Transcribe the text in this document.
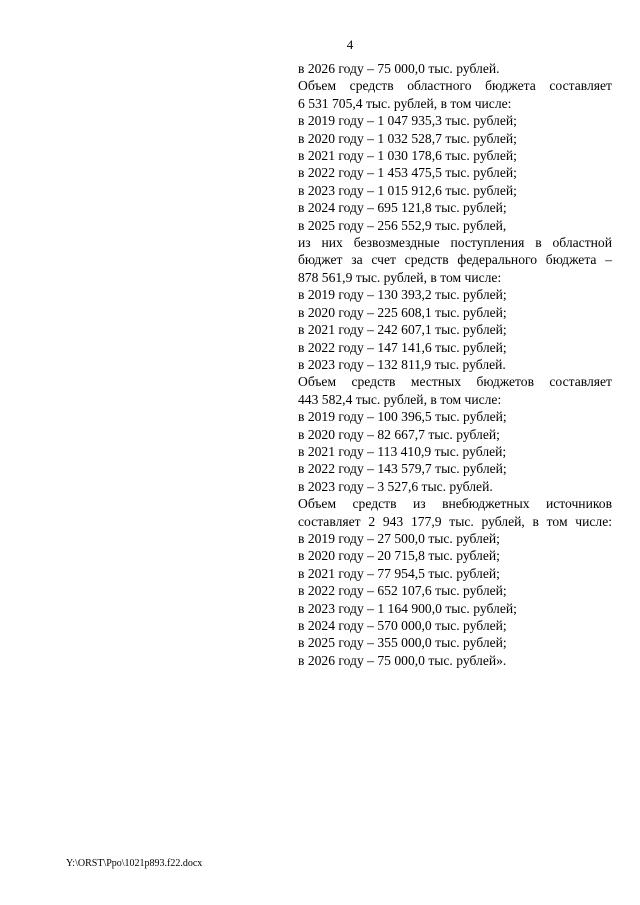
4
в 2026 году – 75 000,0 тыс. рублей.
Объем средств областного бюджета составляет
6 531 705,4 тыс. рублей, в том числе:
в 2019 году – 1 047 935,3 тыс. рублей;
в 2020 году – 1 032 528,7 тыс. рублей;
в 2021 году – 1 030 178,6 тыс. рублей;
в 2022 году – 1 453 475,5 тыс. рублей;
в 2023 году – 1 015 912,6 тыс. рублей;
в 2024 году – 695 121,8 тыс. рублей;
в 2025 году – 256 552,9 тыс. рублей,
из них безвозмездные поступления в областной
бюджет за счет средств федерального бюджета –
878 561,9 тыс. рублей, в том числе:
в 2019 году – 130 393,2 тыс. рублей;
в 2020 году – 225 608,1 тыс. рублей;
в 2021 году – 242 607,1 тыс. рублей;
в 2022 году – 147 141,6 тыс. рублей;
в 2023 году – 132 811,9 тыс. рублей.
Объем средств местных бюджетов составляет
443 582,4 тыс. рублей, в том числе:
в 2019 году – 100 396,5 тыс. рублей;
в 2020 году – 82 667,7 тыс. рублей;
в 2021 году – 113 410,9 тыс. рублей;
в 2022 году – 143 579,7 тыс. рублей;
в 2023 году – 3 527,6 тыс. рублей.
Объем средств из внебюджетных источников
составляет 2 943 177,9 тыс. рублей, в том числе:
в 2019 году – 27 500,0 тыс. рублей;
в 2020 году – 20 715,8 тыс. рублей;
в 2021 году – 77 954,5 тыс. рублей;
в 2022 году – 652 107,6 тыс. рублей;
в 2023 году – 1 164 900,0 тыс. рублей;
в 2024 году – 570 000,0 тыс. рублей;
в 2025 году – 355 000,0 тыс. рублей;
в 2026 году – 75 000,0 тыс. рублей».
Y:\ORST\Ppo\1021p893.f22.docx
